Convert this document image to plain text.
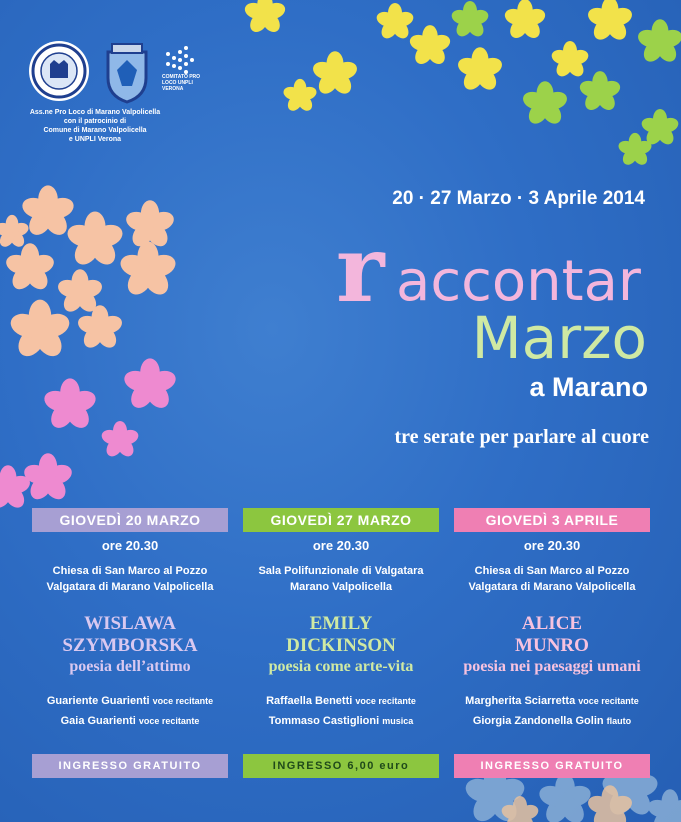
COMITATO PRO LOCO UNPLI VERONA
Ass.ne Pro Loco di Marano Valpolicella
con il patrocinio di
Comune di Marano Valpolicella
e UNPLI Verona
20 · 27 Marzo · 3 Aprile 2014
r accontar
Marzo
a Marano
tre serate per parlare al cuore
GIOVEDÌ 20 MARZO
ore 20.30
Chiesa di San Marco al Pozzo
Valgatara di Marano Valpolicella
WISLAWA
SZYMBORSKA
poesia dell’attimo
Guariente Guarienti voce recitante
Gaia Guarienti voce recitante
INGRESSO GRATUITO
GIOVEDÌ 27 MARZO
ore 20.30
Sala Polifunzionale di Valgatara
Marano Valpolicella
EMILY
DICKINSON
poesia come arte-vita
Raffaella Benetti voce recitante
Tommaso Castiglioni musica
INGRESSO 6,00 euro
GIOVEDÌ 3 APRILE
ore 20.30
Chiesa di San Marco al Pozzo
Valgatara di Marano Valpolicella
ALICE
MUNRO
poesia nei paesaggi umani
Margherita Sciarretta voce recitante
Giorgia Zandonella Golin flauto
INGRESSO GRATUITO
